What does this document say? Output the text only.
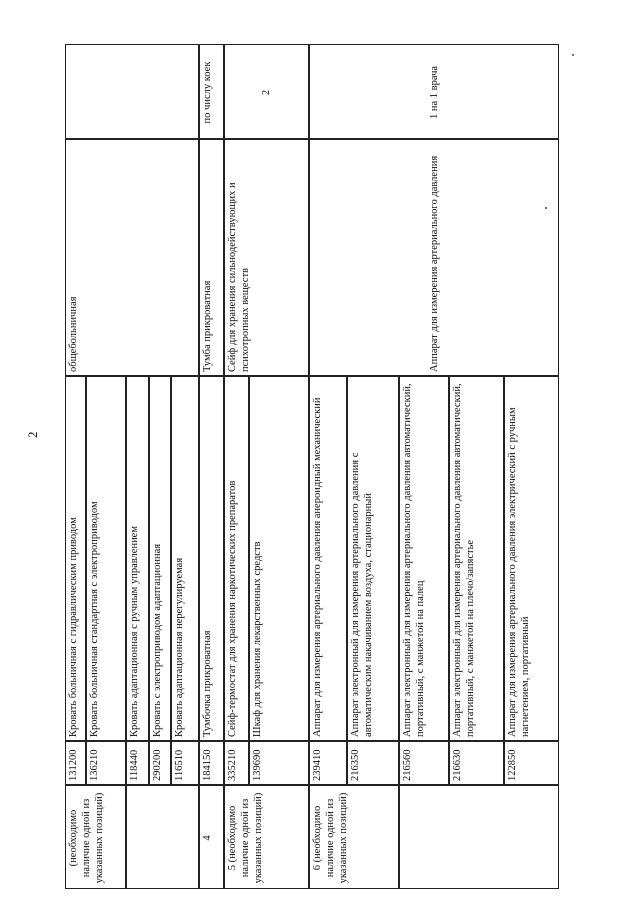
2
(необходимо наличие одной из указанных позиций)
131200
Кровать больничная с гидравлическим приводом
136210
Кровать больничная стандартная с электроприводом
118440
Кровать адаптационная с ручным управлением
290200
Кровать с электроприводом адаптационная
116510
Кровать адаптационная нерегулируемая
общебольничная
4
184150
Тумбочка прикроватная
Тумба прикроватная
по числу коек
5 (необходимо наличие одной из указанных позиций)
335210
Сейф-термостат для хранения наркотических препаратов
139690
Шкаф для хранения лекарственных средств
Сейф для хранения сильнодействующих и психотропных веществ
2
6 (необходимо наличие одной из указанных позиций)
239410
Аппарат для измерения артериального давления анероидный механический
216350
Аппарат электронный для измерения артериального давления с автоматическим накачиванием воздуха, стационарный
216560
Аппарат электронный для измерения артериального давления автоматический, портативный, с манжетой на палец
216630
Аппарат электронный для измерения артериального давления автоматический, портативный, с манжетой на плечо/запястье
122850
Аппарат для измерения артериального давления электрический с ручным нагнетением, портативный
Аппарат для измерения артериального давления
1 на 1 врача
